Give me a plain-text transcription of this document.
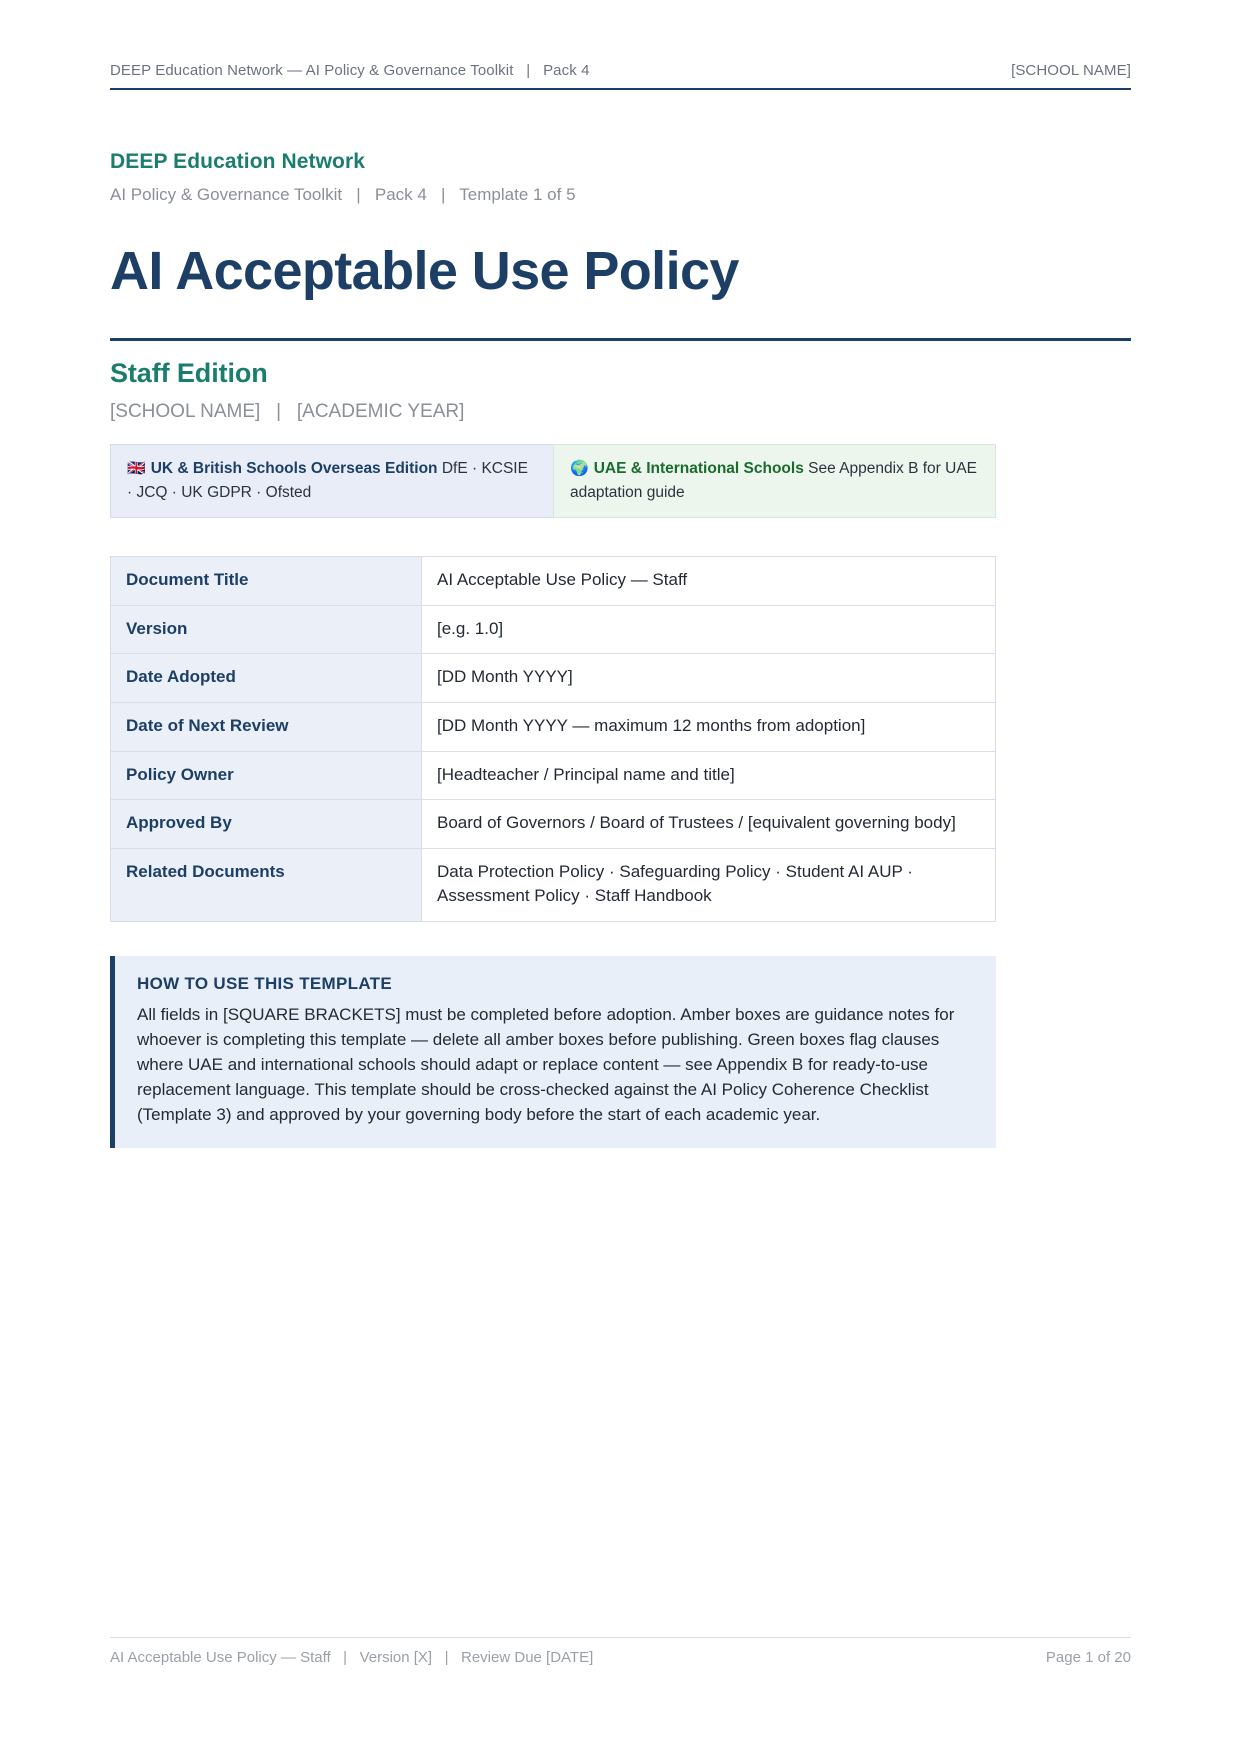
DEEP Education Network — AI Policy & Governance Toolkit   |   Pack 4	[SCHOOL NAME]
DEEP Education Network
AI Policy & Governance Toolkit   |   Pack 4   |   Template 1 of 5
AI Acceptable Use Policy
Staff Edition
[SCHOOL NAME]   |   [ACADEMIC YEAR]
🇬🇧 UK & British Schools Overseas Edition DfE · KCSIE · JCQ · UK GDPR · Ofsted
🌍 UAE & International Schools See Appendix B for UAE adaptation guide
Document Title	AI Acceptable Use Policy — Staff
Version	[e.g. 1.0]
Date Adopted	[DD Month YYYY]
Date of Next Review	[DD Month YYYY — maximum 12 months from adoption]
Policy Owner	[Headteacher / Principal name and title]
Approved By	Board of Governors / Board of Trustees / [equivalent governing body]
Related Documents	Data Protection Policy · Safeguarding Policy · Student AI AUP · Assessment Policy · Staff Handbook
HOW TO USE THIS TEMPLATE
All fields in [SQUARE BRACKETS] must be completed before adoption. Amber boxes are guidance notes for whoever is completing this template — delete all amber boxes before publishing. Green boxes flag clauses where UAE and international schools should adapt or replace content — see Appendix B for ready-to-use replacement language. This template should be cross-checked against the AI Policy Coherence Checklist (Template 3) and approved by your governing body before the start of each academic year.
AI Acceptable Use Policy — Staff   |   Version [X]   |   Review Due [DATE]	Page 1 of 20
